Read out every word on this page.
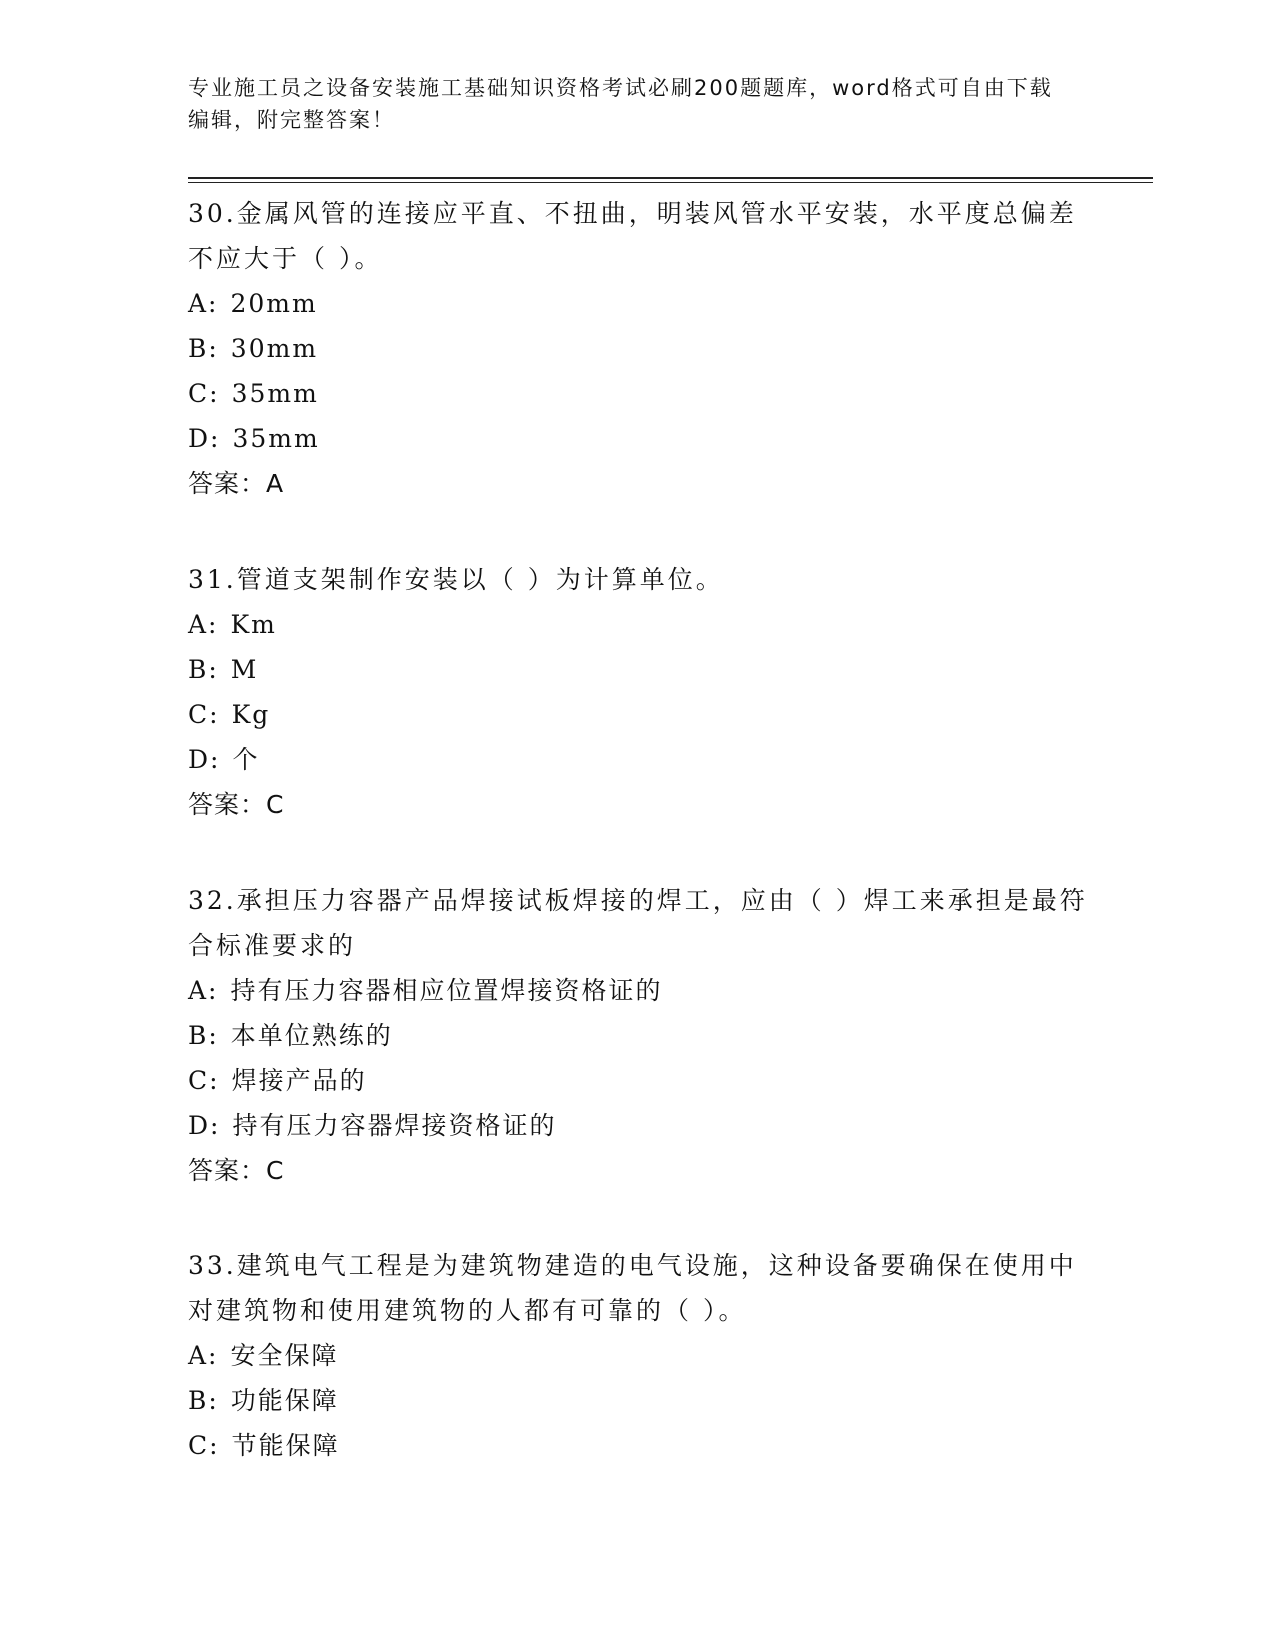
专业施工员之设备安装施工基础知识资格考试必刷200题题库，word格式可自由下载编辑，附完整答案！

30.金属风管的连接应平直、不扭曲，明装风管水平安装，水平度总偏差不应大于（ ）。

A: 20mm
B: 30mm
C: 35mm
D: 35mm
答案：A

31.管道支架制作安装以（ ）为计算单位。

A: Km
B: M
C: Kg
D: 个
答案：C

32.承担压力容器产品焊接试板焊接的焊工，应由（ ）焊工来承担是最符合标准要求的

A: 持有压力容器相应位置焊接资格证的
B: 本单位熟练的
C: 焊接产品的
D: 持有压力容器焊接资格证的
答案：C

33.建筑电气工程是为建筑物建造的电气设施，这种设备要确保在使用中对建筑物和使用建筑物的人都有可靠的（ ）。

A: 安全保障
B: 功能保障
C: 节能保障
